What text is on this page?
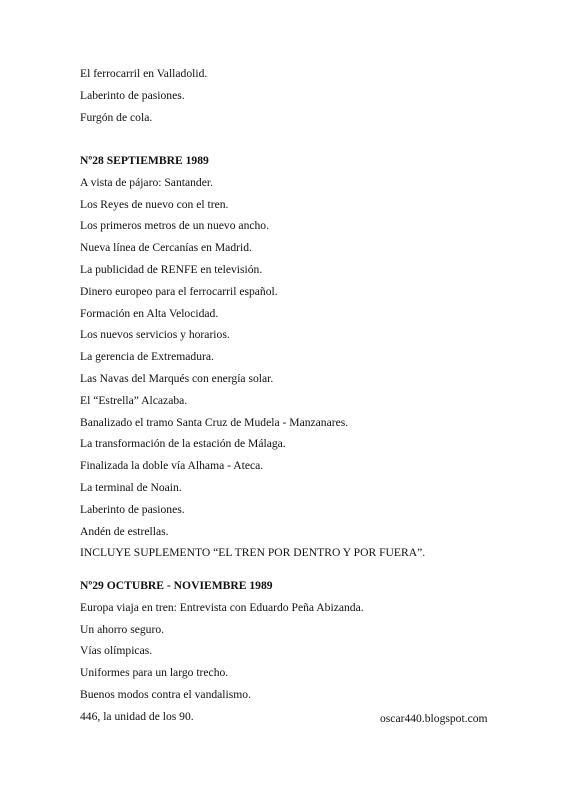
El ferrocarril en Valladolid.
Laberinto de pasiones.
Furgón de cola.
Nº28 SEPTIEMBRE 1989
A vista de pájaro: Santander.
Los Reyes de nuevo con el tren.
Los primeros metros de un nuevo ancho.
Nueva línea de Cercanías en Madrid.
La publicidad de RENFE en televisión.
Dinero europeo para el ferrocarril español.
Formación en Alta Velocidad.
Los nuevos servicios y horarios.
La gerencia de Extremadura.
Las Navas del Marqués con energía solar.
El “Estrella” Alcazaba.
Banalizado el tramo Santa Cruz de Mudela - Manzanares.
La transformación de la estación de Málaga.
Finalizada la doble vía Alhama - Ateca.
La terminal de Noain.
Laberinto de pasiones.
Andén de estrellas.
INCLUYE SUPLEMENTO “EL TREN POR DENTRO Y POR FUERA”.
Nº29 OCTUBRE - NOVIEMBRE 1989
Europa viaja en tren: Entrevista con Eduardo Peña Abizanda.
Un ahorro seguro.
Vías olímpicas.
Uniformes para un largo trecho.
Buenos modos contra el vandalismo.
446, la unidad de los 90.	oscar440.blogspot.com
